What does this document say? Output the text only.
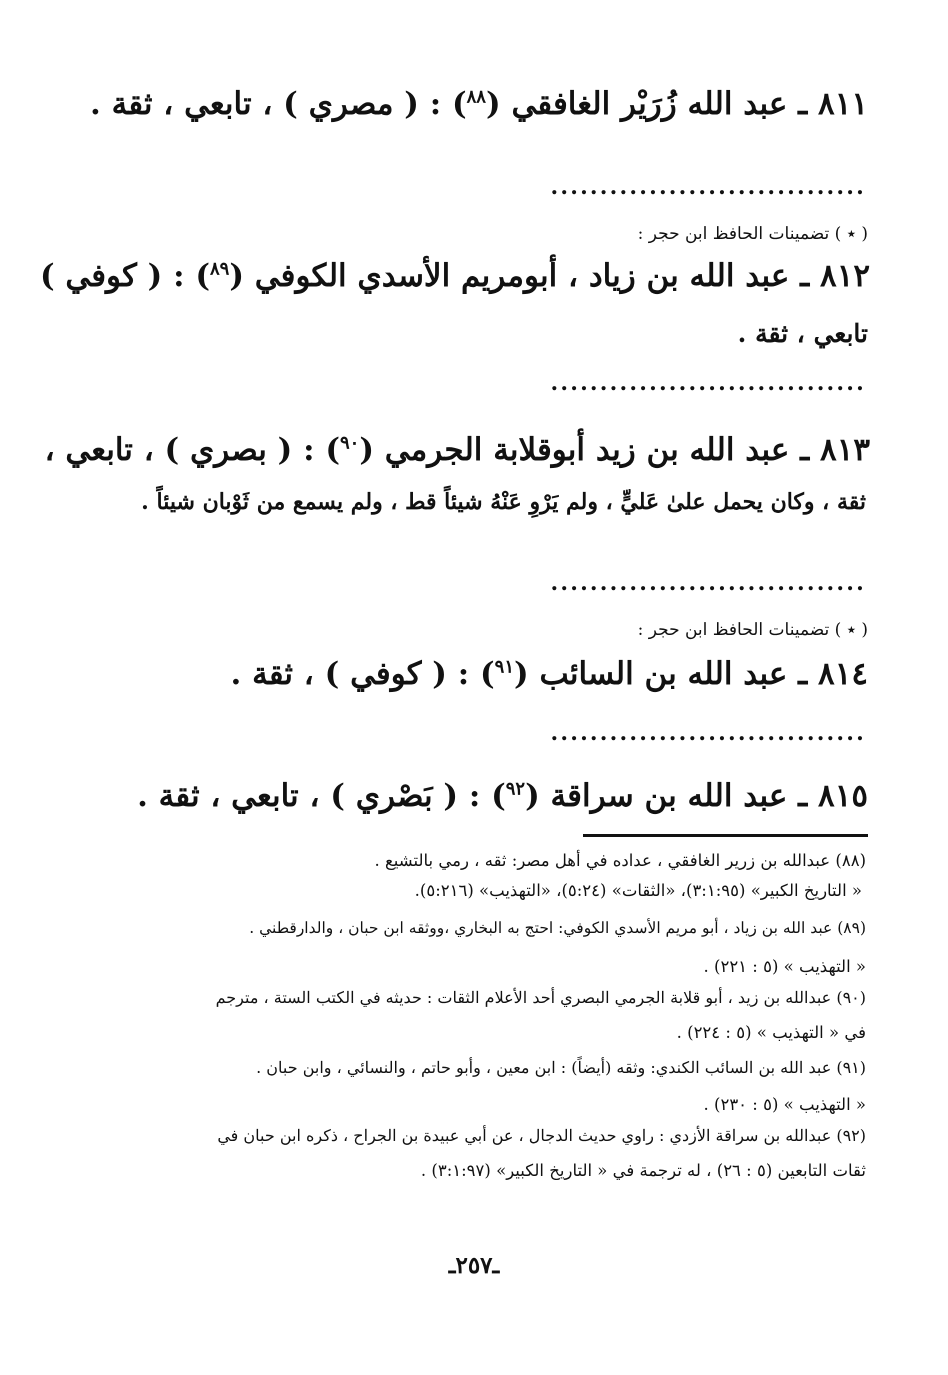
٨١١ ـ عبد الله زُرَيْر الغافقي ($^{٨٨}$) : ( مصري ) ، تابعي ، ثقة .

................................

( ٭ ) تضمينات الحافظ ابن حجر :

٨١٢ ـ عبد الله بن زياد ، أبومريم الأسدي الكوفي ($^{٨٩}$) : ( كوفي )

تابعي ، ثقة .

................................

٨١٣ ـ عبد الله بن زيد أبوقلابة الجرمي ($^{٩٠}$) : ( بصري ) ، تابعي ،

ثقة ، وكان يحمل علىٰ عَليٍّ ، ولم يَرْوِ عَنْهُ شيئاً قط ، ولم يسمع من ثَوْبان شيئاً .

................................

( ٭ ) تضمينات الحافظ ابن حجر :

٨١٤ ـ عبد الله بن السائب ($^{٩١}$) : ( كوفي ) ، ثقة .

................................

٨١٥ ـ عبد الله بن سراقة ($^{٩٢}$) : ( بَصْري ) ، تابعي ، ثقة .

(٨٨) عبدالله بن زرير الغافقي ، عداده في أهل مصر: ثقه ، رمي بالتشيع .

« التاريخ الكبير» (٣:١:٩٥)، «الثقات» (٥:٢٤)، «التهذيب» (٥:٢١٦).

(٨٩) عبد الله بن زياد ، أبو مريم الأسدي الكوفي: احتج به البخاري ،ووثقه ابن حبان ، والدارقطني .

« التهذيب » (٥ : ٢٢١) .

(٩٠) عبدالله بن زيد ، أبو قلابة الجرمي البصري أحد الأعلام الثقات : حديثه في الكتب الستة ، مترجم

في « التهذيب » (٥ : ٢٢٤) .

(٩١) عبد الله بن السائب الكندي: وثقه (أيضاً) : ابن معين ، وأبو حاتم ، والنسائي ، وابن حبان .

« التهذيب » (٥ : ٢٣٠) .

(٩٢) عبدالله بن سراقة الأزدي : راوي حديث الدجال ، عن أبي عبيدة بن الجراح ، ذكره ابن حبان في

ثقات التابعين (٥ : ٢٦) ، له ترجمة في « التاريخ الكبير» (٣:١:٩٧) .

ـ٢٥٧ـ
